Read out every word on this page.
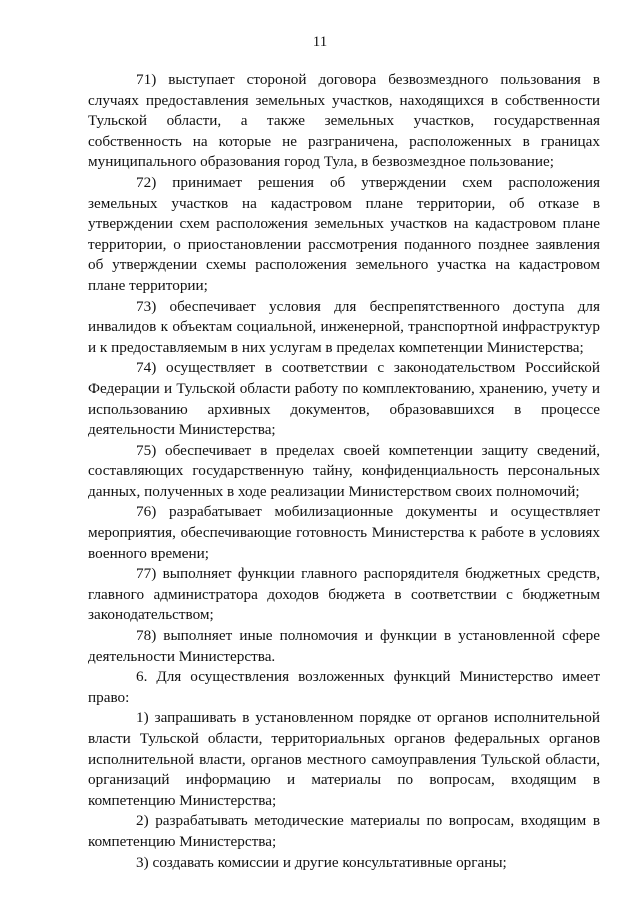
11

71) выступает стороной договора безвозмездного пользования в случаях предоставления земельных участков, находящихся в собственности Тульской области, а также земельных участков, государственная собственность на которые не разграничена, расположенных в границах муниципального образования город Тула, в безвозмездное пользование;

72) принимает решения об утверждении схем расположения земельных участков на кадастровом плане территории, об отказе в утверждении схем расположения земельных участков на кадастровом плане территории, о приостановлении рассмотрения поданного позднее заявления об утверждении схемы расположения земельного участка на кадастровом плане территории;

73) обеспечивает условия для беспрепятственного доступа для инвалидов к объектам социальной, инженерной, транспортной инфраструктур и к предоставляемым в них услугам в пределах компетенции Министерства;

74) осуществляет в соответствии с законодательством Российской Федерации и Тульской области работу по комплектованию, хранению, учету и использованию архивных документов, образовавшихся в процессе деятельности Министерства;

75) обеспечивает в пределах своей компетенции защиту сведений, составляющих государственную тайну, конфиденциальность персональных данных, полученных в ходе реализации Министерством своих полномочий;

76) разрабатывает мобилизационные документы и осуществляет мероприятия, обеспечивающие готовность Министерства к работе в условиях военного времени;

77) выполняет функции главного распорядителя бюджетных средств, главного администратора доходов бюджета в соответствии с бюджетным законодательством;

78) выполняет иные полномочия и функции в установленной сфере деятельности Министерства.

6. Для осуществления возложенных функций Министерство имеет право:

1) запрашивать в установленном порядке от органов исполнительной власти Тульской области, территориальных органов федеральных органов исполнительной власти, органов местного самоуправления Тульской области, организаций информацию и материалы по вопросам, входящим в компетенцию Министерства;

2) разрабатывать методические материалы по вопросам, входящим в компетенцию Министерства;

3) создавать комиссии и другие консультативные органы;
